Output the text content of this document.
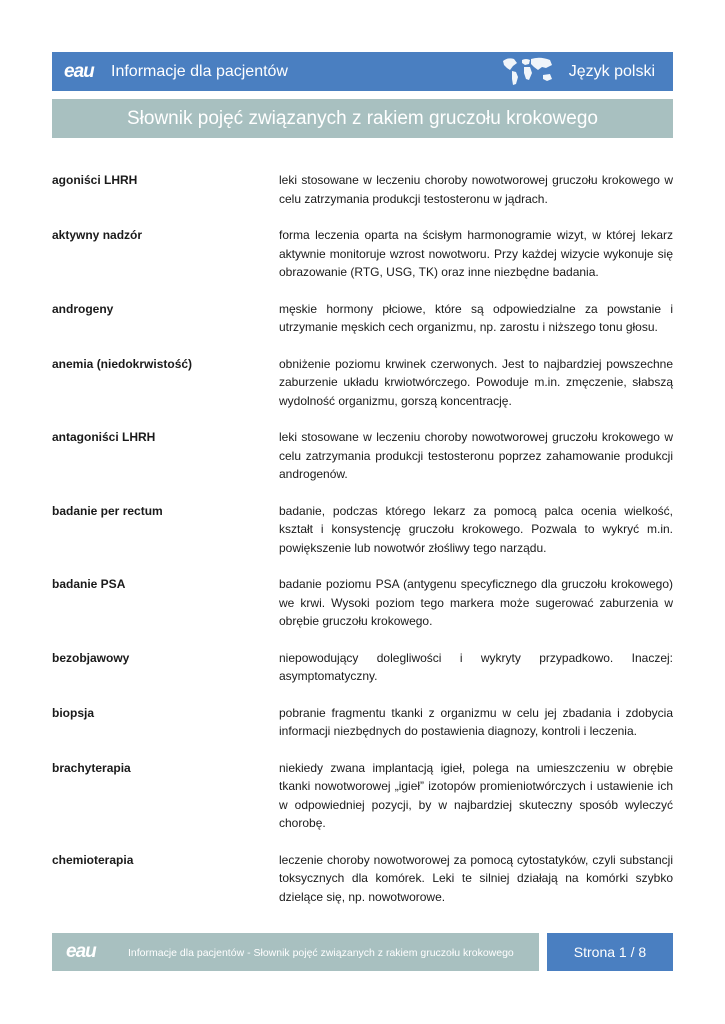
eau Informacje dla pacjentów	Język polski
Słownik pojęć związanych z rakiem gruczołu krokowego
agoniści LHRH	leki stosowane w leczeniu choroby nowotworowej gruczołu krokowego w celu zatrzymania produkcji testosteronu w jądrach.
aktywny nadzór	forma leczenia oparta na ścisłym harmonogramie wizyt, w której lekarz aktywnie monitoruje wzrost nowotworu. Przy każdej wizycie wykonuje się obrazowanie (RTG, USG, TK) oraz inne niezbędne badania.
androgeny	męskie hormony płciowe, które są odpowiedzialne za powstanie i utrzymanie męskich cech organizmu, np. zarostu i niższego tonu głosu.
anemia (niedokrwistość)	obniżenie poziomu krwinek czerwonych. Jest to najbardziej powszechne zaburzenie układu krwiotwórczego. Powoduje m.in. zmęczenie, słabszą wydolność organizmu, gorszą koncentrację.
antagoniści LHRH	leki stosowane w leczeniu choroby nowotworowej gruczołu krokowego w celu zatrzymania produkcji testosteronu poprzez zahamowanie produkcji androgenów.
badanie per rectum	badanie, podczas którego lekarz za pomocą palca ocenia wielkość, kształt i konsystencję gruczołu krokowego. Pozwala to wykryć m.in. powiększenie lub nowotwór złośliwy tego narządu.
badanie PSA	badanie poziomu PSA (antygenu specyficznego dla gruczołu krokowego) we krwi. Wysoki poziom tego markera może sugerować zaburzenia w obrębie gruczołu krokowego.
bezobjawowy	niepowodujący dolegliwości i wykryty przypadkowo. Inaczej: asymptomatyczny.
biopsja	pobranie fragmentu tkanki z organizmu w celu jej zbadania i zdobycia informacji niezbędnych do postawienia diagnozy, kontroli i leczenia.
brachyterapia	niekiedy zwana implantacją igieł, polega na umieszczeniu w obrębie tkanki nowotworowej „igieł” izotopów promieniotwórczych i ustawienie ich w odpowiedniej pozycji, by w najbardziej skuteczny sposób wyleczyć chorobę.
chemioterapia	leczenie choroby nowotworowej za pomocą cytostatyków, czyli substancji toksycznych dla komórek. Leki te silniej działają na komórki szybko dzielące się, np. nowotworowe.
eau	Informacje dla pacjentów - Słownik pojęć związanych z rakiem gruczołu krokowego	Strona 1 / 8
